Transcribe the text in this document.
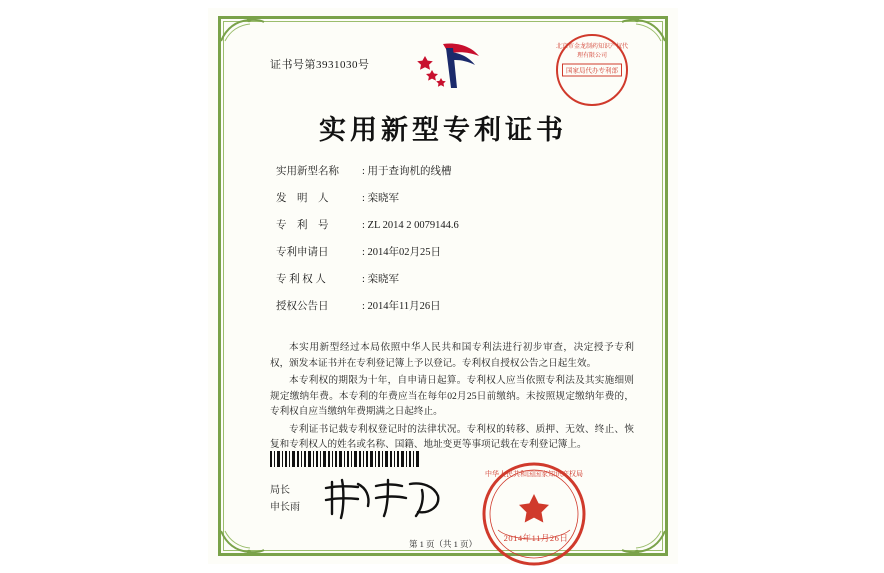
证书号第3931030号
北京市金龙制药知识产权代理有限公司
国家局代办专利部
实用新型专利证书
实用新型名称 : 用于查询机的线槽
发　明　人	: 栾晓军
专　利　号	: ZL 2014 2 0079144.6
专利申请日	: 2014年02月25日
专 利 权 人	: 栾晓军
授权公告日	: 2014年11月26日

本实用新型经过本局依照中华人民共和国专利法进行初步审查，决定授予专利权，颁发本证书并在专利登记簿上予以登记。专利权自授权公告之日起生效。

本专利权的期限为十年，自申请日起算。专利权人应当依照专利法及其实施细则规定缴纳年费。本专利的年费应当在每年02月25日前缴纳。未按照规定缴纳年费的，专利权自应当缴纳年费期满之日起终止。

专利证书记载专利权登记时的法律状况。专利权的转移、质押、无效、终止、恢复和专利权人的姓名或名称、国籍、地址变更等事项记载在专利登记簿上。

局长
申长雨
中华人民共和国国家知识产权局
2014年11月26日
第 1 页（共 1 页）
